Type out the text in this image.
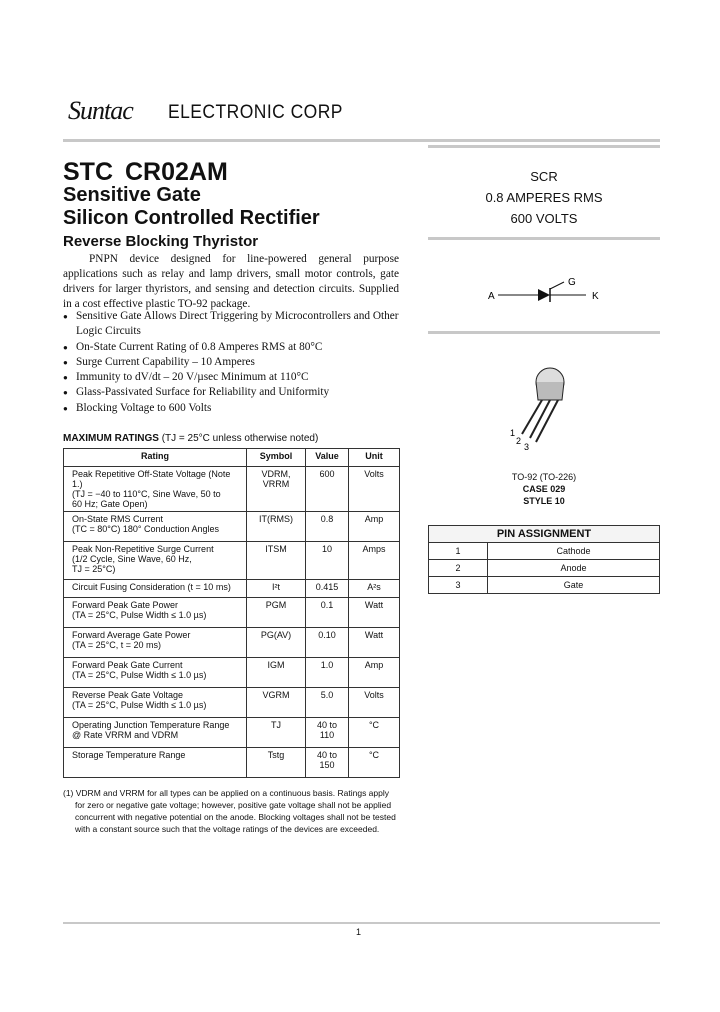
Suntac ELECTRONIC CORP
STC CR02AM
Sensitive Gate
Silicon Controlled Rectifier
Reverse Blocking Thyristor

PNPN device designed for line-powered general purpose applications such as relay and lamp drivers, small motor controls, gate drivers for larger thyristors, and sensing and detection circuits. Supplied in a cost effective plastic TO-92 package.

● Sensitive Gate Allows Direct Triggering by Microcontrollers and Other Logic Circuits
● On-State Current Rating of 0.8 Amperes RMS at 80°C
● Surge Current Capability – 10 Amperes
● Immunity to dV/dt – 20 V/µsec Minimum at 110°C
● Glass-Passivated Surface for Reliability and Uniformity
● Blocking Voltage to 600 Volts
MAXIMUM RATINGS (TJ = 25°C unless otherwise noted)
Rating	Symbol	Value	Unit

Peak Repetitive Off-State Voltage (Note 1.)
(TJ = −40 to 110°C, Sine Wave, 50 to
60 Hz; Gate Open)	VDRM, VRRM	600	Volts

On-State RMS Current
(TC = 80°C) 180° Conduction Angles	IT(RMS)	0.8	Amp

Peak Non-Repetitive Surge Current
(1/2 Cycle, Sine Wave, 60 Hz,
TJ = 25°C)	ITSM	10	Amps

Circuit Fusing Consideration (t = 10 ms)	I²t	0.415	A²s

Forward Peak Gate Power
(TA = 25°C, Pulse Width ≤ 1.0 µs)	PGM	0.1	Watt

Forward Average Gate Power
(TA = 25°C, t = 20 ms)	PG(AV)	0.10	Watt

Forward Peak Gate Current
(TA = 25°C, Pulse Width ≤ 1.0 µs)	IGM	1.0	Amp

Reverse Peak Gate Voltage
(TA = 25°C, Pulse Width ≤ 1.0 µs)	VGRM	5.0	Volts

Operating Junction Temperature Range
@ Rate VRRM and VDRM	TJ	40 to 110	°C

Storage Temperature Range	Tstg	40 to 150	°C
(1) VDRM and VRRM for all types can be applied on a continuous basis. Ratings apply for zero or negative gate voltage; however, positive gate voltage shall not be applied concurrent with negative potential on the anode. Blocking voltages shall not be tested with a constant source such that the voltage ratings of the devices are exceeded.
SCR
0.8 AMPERES RMS
600 VOLTS
A
G
K
1
2
3
TO-92 (TO-226)
CASE 029
STYLE 10
PIN ASSIGNMENT	
1	Cathode
2	Anode
3	Gate
1
